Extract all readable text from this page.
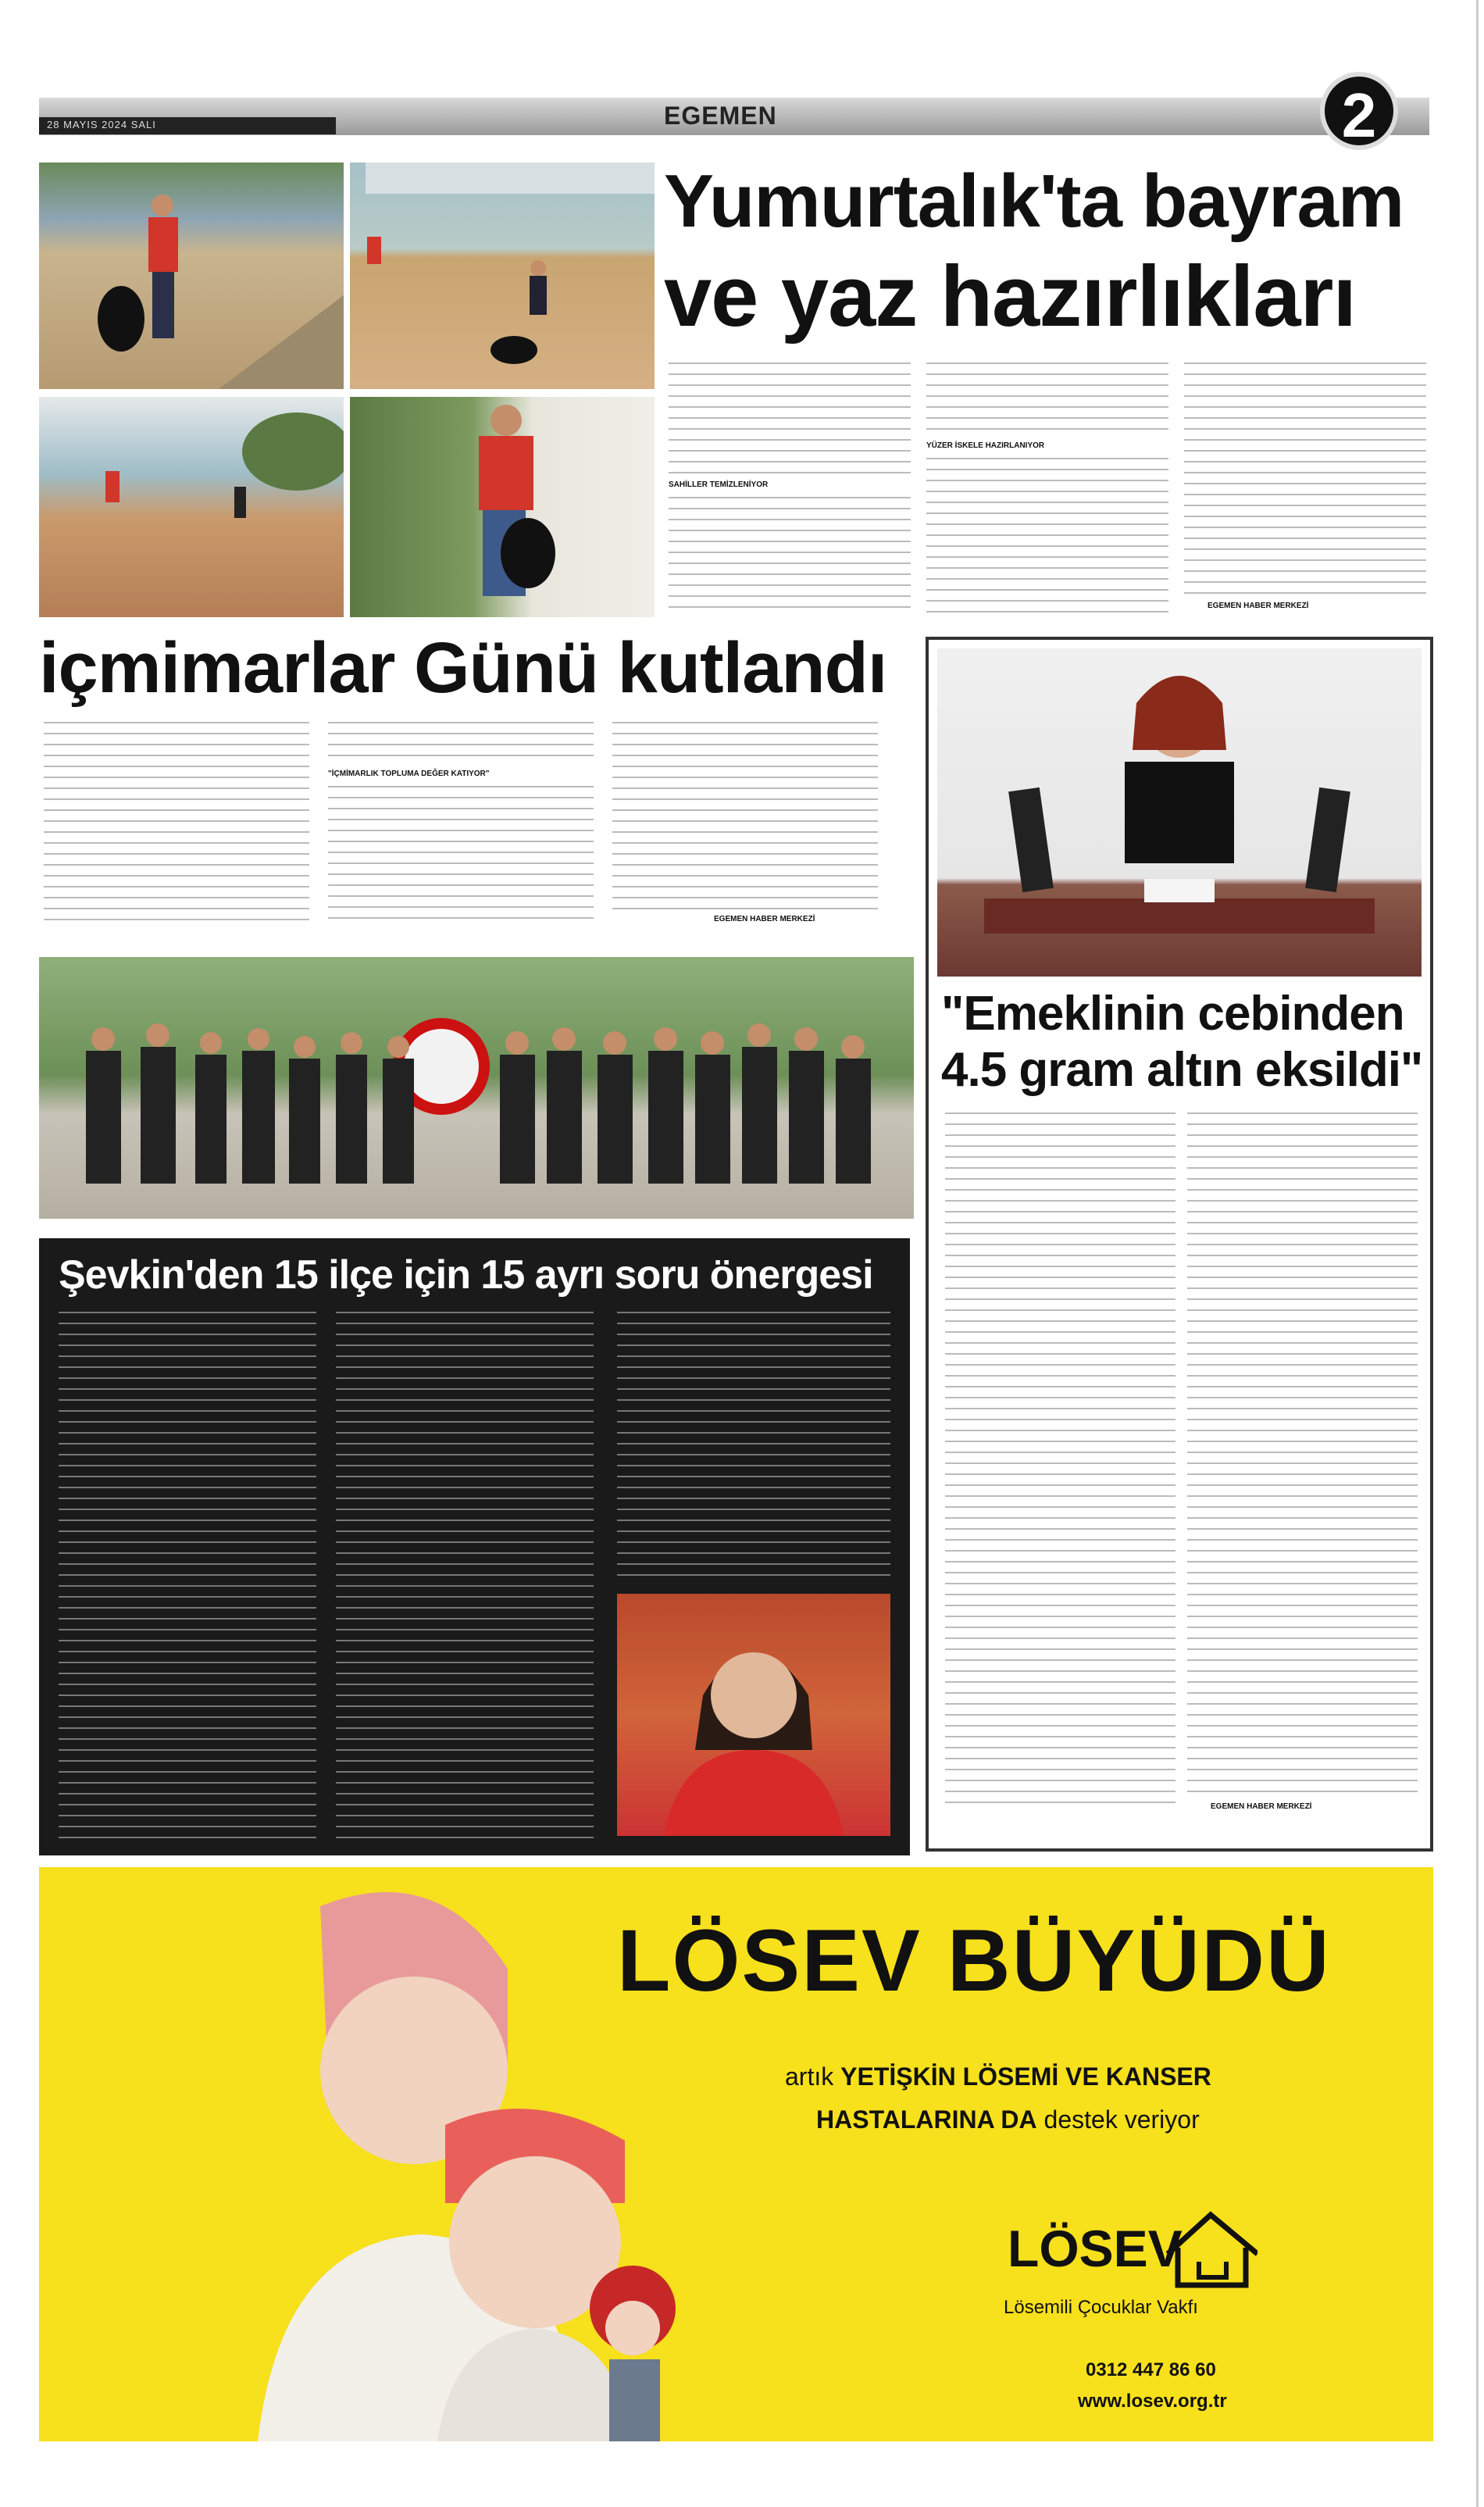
28 MAYIS 2024 SALI	EGEMEN	2
Yumurtalık'ta bayram
ve yaz hazırlıkları
SAHİLLER TEMİZLENİYOR
YÜZER İSKELE HAZIRLANIYOR
EGEMEN HABER MERKEZİ
içmimarlar Günü kutlandı
"İÇMİMARLIK TOPLUMA DEĞER KATIYOR"
EGEMEN HABER MERKEZİ
"Emeklinin cebinden
4.5 gram altın eksildi"
EGEMEN HABER MERKEZİ
Şevkin'den 15 ilçe için 15 ayrı soru önergesi
LÖSEV BÜYÜDÜ
artık YETİŞKİN LÖSEMİ VE KANSER
HASTALARINA DA destek veriyor
LÖSEV
Lösemili Çocuklar Vakfı
0312 447 86 60
www.losev.org.tr
